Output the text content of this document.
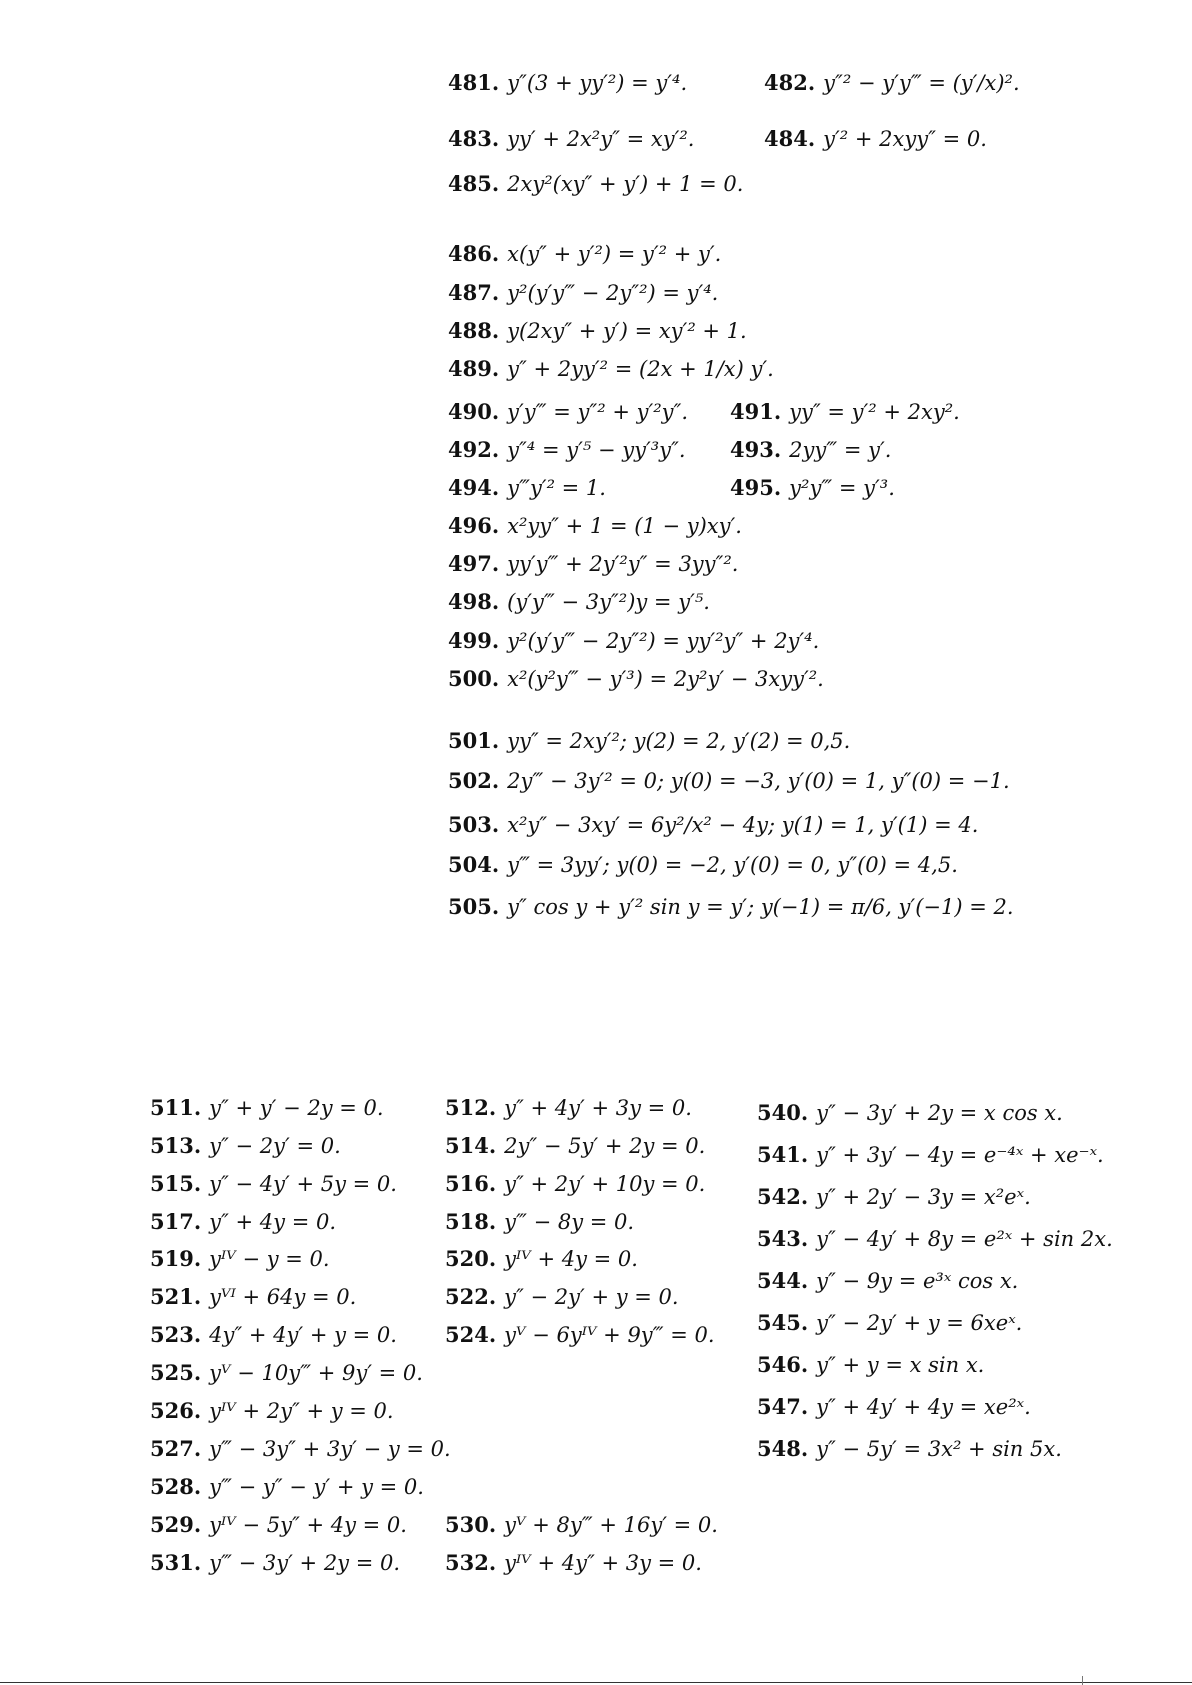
481. y″(3 + yy′²) = y′⁴.	482. y″² − y′y‴ = (y′/x)².
483. yy′ + 2x²y″ = xy′².	484. y′² + 2xyy″ = 0.
485. 2xy²(xy″ + y′) + 1 = 0.
486. x(y″ + y′²) = y′² + y′.
487. y²(y′y‴ − 2y″²) = y′⁴.
488. y(2xy″ + y′) = xy′² + 1.
489. y″ + 2yy′² = (2x + 1/x) y′.
490. y′y‴ = y″² + y′²y″. 491. yy″ = y′² + 2xy².
492. y″⁴ = y′⁵ − yy′³y″. 493. 2yy‴ = y′.
494. y‴y′² = 1.	495. y²y‴ = y′³.
496. x²yy″ + 1 = (1 − y)xy′.
497. yy′y‴ + 2y′²y″ = 3yy″².
498. (y′y‴ − 3y″²)y = y′⁵.
499. y²(y′y‴ − 2y″²) = yy′²y″ + 2y′⁴.
500. x²(y²y‴ − y′³) = 2y²y′ − 3xyy′².
501. yy″ = 2xy′²; y(2) = 2, y′(2) = 0,5.
502. 2y‴ − 3y′² = 0; y(0) = −3, y′(0) = 1, y″(0) = −1.
503. x²y″ − 3xy′ = 6y²/x² − 4y; y(1) = 1, y′(1) = 4.
504. y‴ = 3yy′; y(0) = −2, y′(0) = 0, y″(0) = 4,5.
505. y″ cos y + y′² sin y = y′; y(−1) = π/6, y′(−1) = 2.
511. y″ + y′ − 2y = 0.	512. y″ + 4y′ + 3y = 0.
513. y″ − 2y′ = 0.	514. 2y″ − 5y′ + 2y = 0.
515. y″ − 4y′ + 5y = 0. 516. y″ + 2y′ + 10y = 0.
517. y″ + 4y = 0.	518. y‴ − 8y = 0.
519. yᴵⱽ − y = 0.	520. yᴵⱽ + 4y = 0.
521. yⱽᴵ + 64y = 0.	522. y″ − 2y′ + y = 0.
523. 4y″ + 4y′ + y = 0. 524. yⱽ − 6yᴵⱽ + 9y‴ = 0.
525. yⱽ − 10y‴ + 9y′ = 0.
526. yᴵⱽ + 2y″ + y = 0.
527. y‴ − 3y″ + 3y′ − y = 0.
528. y‴ − y″ − y′ + y = 0.
529. yᴵⱽ − 5y″ + 4y = 0. 530. yⱽ + 8y‴ + 16y′ = 0.
531. y‴ − 3y′ + 2y = 0. 532. yᴵⱽ + 4y″ + 3y = 0.
540. y″ − 3y′ + 2y = x cos x.
541. y″ + 3y′ − 4y = e⁻⁴ˣ + xe⁻ˣ.
542. y″ + 2y′ − 3y = x²eˣ.
543. y″ − 4y′ + 8y = e²ˣ + sin 2x.
544. y″ − 9y = e³ˣ cos x.
545. y″ − 2y′ + y = 6xeˣ.
546. y″ + y = x sin x.
547. y″ + 4y′ + 4y = xe²ˣ.
548. y″ − 5y′ = 3x² + sin 5x.
